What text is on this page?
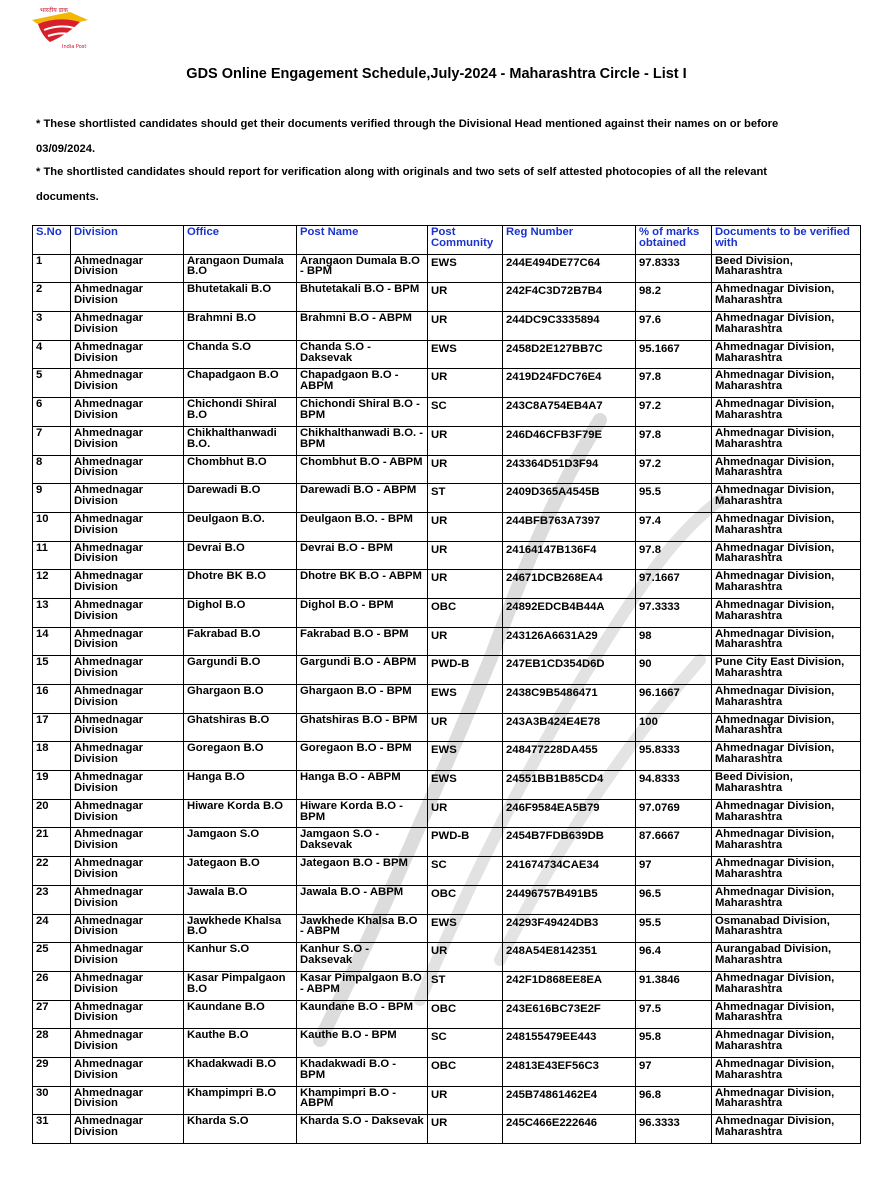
भारतीय डाक
India Post
GDS Online Engagement Schedule,July-2024 - Maharashtra Circle - List I
* These shortlisted candidates should get their documents verified through the Divisional Head mentioned against their names on or before 03/09/2024.
* The shortlisted candidates should report for verification along with originals and two sets of self attested photocopies of all the relevant documents.
S.No	Division	Office	Post Name	Post Community	Reg Number	% of marks obtained	Documents to be verified with
1	Ahmednagar Division	Arangaon Dumala B.O	Arangaon Dumala B.O - BPM	EWS	244E494DE77C64	97.8333	Beed Division, Maharashtra
2	Ahmednagar Division	Bhutetakali B.O	Bhutetakali B.O - BPM	UR	242F4C3D72B7B4	98.2	Ahmednagar Division, Maharashtra
3	Ahmednagar Division	Brahmni B.O	Brahmni B.O - ABPM	UR	244DC9C3335894	97.6	Ahmednagar Division, Maharashtra
4	Ahmednagar Division	Chanda S.O	Chanda S.O - Daksevak	EWS	2458D2E127BB7C	95.1667	Ahmednagar Division, Maharashtra
5	Ahmednagar Division	Chapadgaon B.O	Chapadgaon B.O - ABPM	UR	2419D24FDC76E4	97.8	Ahmednagar Division, Maharashtra
6	Ahmednagar Division	Chichondi Shiral B.O	Chichondi Shiral B.O - BPM	SC	243C8A754EB4A7	97.2	Ahmednagar Division, Maharashtra
7	Ahmednagar Division	Chikhalthanwadi B.O.	Chikhalthanwadi B.O. - BPM	UR	246D46CFB3F79E	97.8	Ahmednagar Division, Maharashtra
8	Ahmednagar Division	Chombhut B.O	Chombhut B.O - ABPM	UR	243364D51D3F94	97.2	Ahmednagar Division, Maharashtra
9	Ahmednagar Division	Darewadi B.O	Darewadi B.O - ABPM	ST	2409D365A4545B	95.5	Ahmednagar Division, Maharashtra
10	Ahmednagar Division	Deulgaon B.O.	Deulgaon B.O. - BPM	UR	244BFB763A7397	97.4	Ahmednagar Division, Maharashtra
11	Ahmednagar Division	Devrai B.O	Devrai B.O - BPM	UR	24164147B136F4	97.8	Ahmednagar Division, Maharashtra
12	Ahmednagar Division	Dhotre BK B.O	Dhotre BK B.O - ABPM	UR	24671DCB268EA4	97.1667	Ahmednagar Division, Maharashtra
13	Ahmednagar Division	Dighol B.O	Dighol B.O - BPM	OBC	24892EDCB4B44A	97.3333	Ahmednagar Division, Maharashtra
14	Ahmednagar Division	Fakrabad B.O	Fakrabad B.O - BPM	UR	243126A6631A29	98	Ahmednagar Division, Maharashtra
15	Ahmednagar Division	Gargundi B.O	Gargundi B.O - ABPM	PWD-B	247EB1CD354D6D	90	Pune City East Division, Maharashtra
16	Ahmednagar Division	Ghargaon B.O	Ghargaon B.O - BPM	EWS	2438C9B5486471	96.1667	Ahmednagar Division, Maharashtra
17	Ahmednagar Division	Ghatshiras B.O	Ghatshiras B.O - BPM	UR	243A3B424E4E78	100	Ahmednagar Division, Maharashtra
18	Ahmednagar Division	Goregaon B.O	Goregaon B.O - BPM	EWS	248477228DA455	95.8333	Ahmednagar Division, Maharashtra
19	Ahmednagar Division	Hanga B.O	Hanga B.O - ABPM	EWS	24551BB1B85CD4	94.8333	Beed Division, Maharashtra
20	Ahmednagar Division	Hiware Korda B.O	Hiware Korda B.O - BPM	UR	246F9584EA5B79	97.0769	Ahmednagar Division, Maharashtra
21	Ahmednagar Division	Jamgaon S.O	Jamgaon S.O - Daksevak	PWD-B	2454B7FDB639DB	87.6667	Ahmednagar Division, Maharashtra
22	Ahmednagar Division	Jategaon B.O	Jategaon B.O - BPM	SC	241674734CAE34	97	Ahmednagar Division, Maharashtra
23	Ahmednagar Division	Jawala B.O	Jawala B.O - ABPM	OBC	24496757B491B5	96.5	Ahmednagar Division, Maharashtra
24	Ahmednagar Division	Jawkhede Khalsa B.O	Jawkhede Khalsa B.O - ABPM	EWS	24293F49424DB3	95.5	Osmanabad Division, Maharashtra
25	Ahmednagar Division	Kanhur S.O	Kanhur S.O - Daksevak	UR	248A54E8142351	96.4	Aurangabad Division, Maharashtra
26	Ahmednagar Division	Kasar Pimpalgaon B.O	Kasar Pimpalgaon B.O - ABPM	ST	242F1D868EE8EA	91.3846	Ahmednagar Division, Maharashtra
27	Ahmednagar Division	Kaundane B.O	Kaundane B.O - BPM	OBC	243E616BC73E2F	97.5	Ahmednagar Division, Maharashtra
28	Ahmednagar Division	Kauthe B.O	Kauthe B.O - BPM	SC	248155479EE443	95.8	Ahmednagar Division, Maharashtra
29	Ahmednagar Division	Khadakwadi B.O	Khadakwadi B.O - BPM	OBC	24813E43EF56C3	97	Ahmednagar Division, Maharashtra
30	Ahmednagar Division	Khampimpri B.O	Khampimpri B.O - ABPM	UR	245B74861462E4	96.8	Ahmednagar Division, Maharashtra
31	Ahmednagar Division	Kharda S.O	Kharda S.O - Daksevak	UR	245C466E222646	96.3333	Ahmednagar Division, Maharashtra
